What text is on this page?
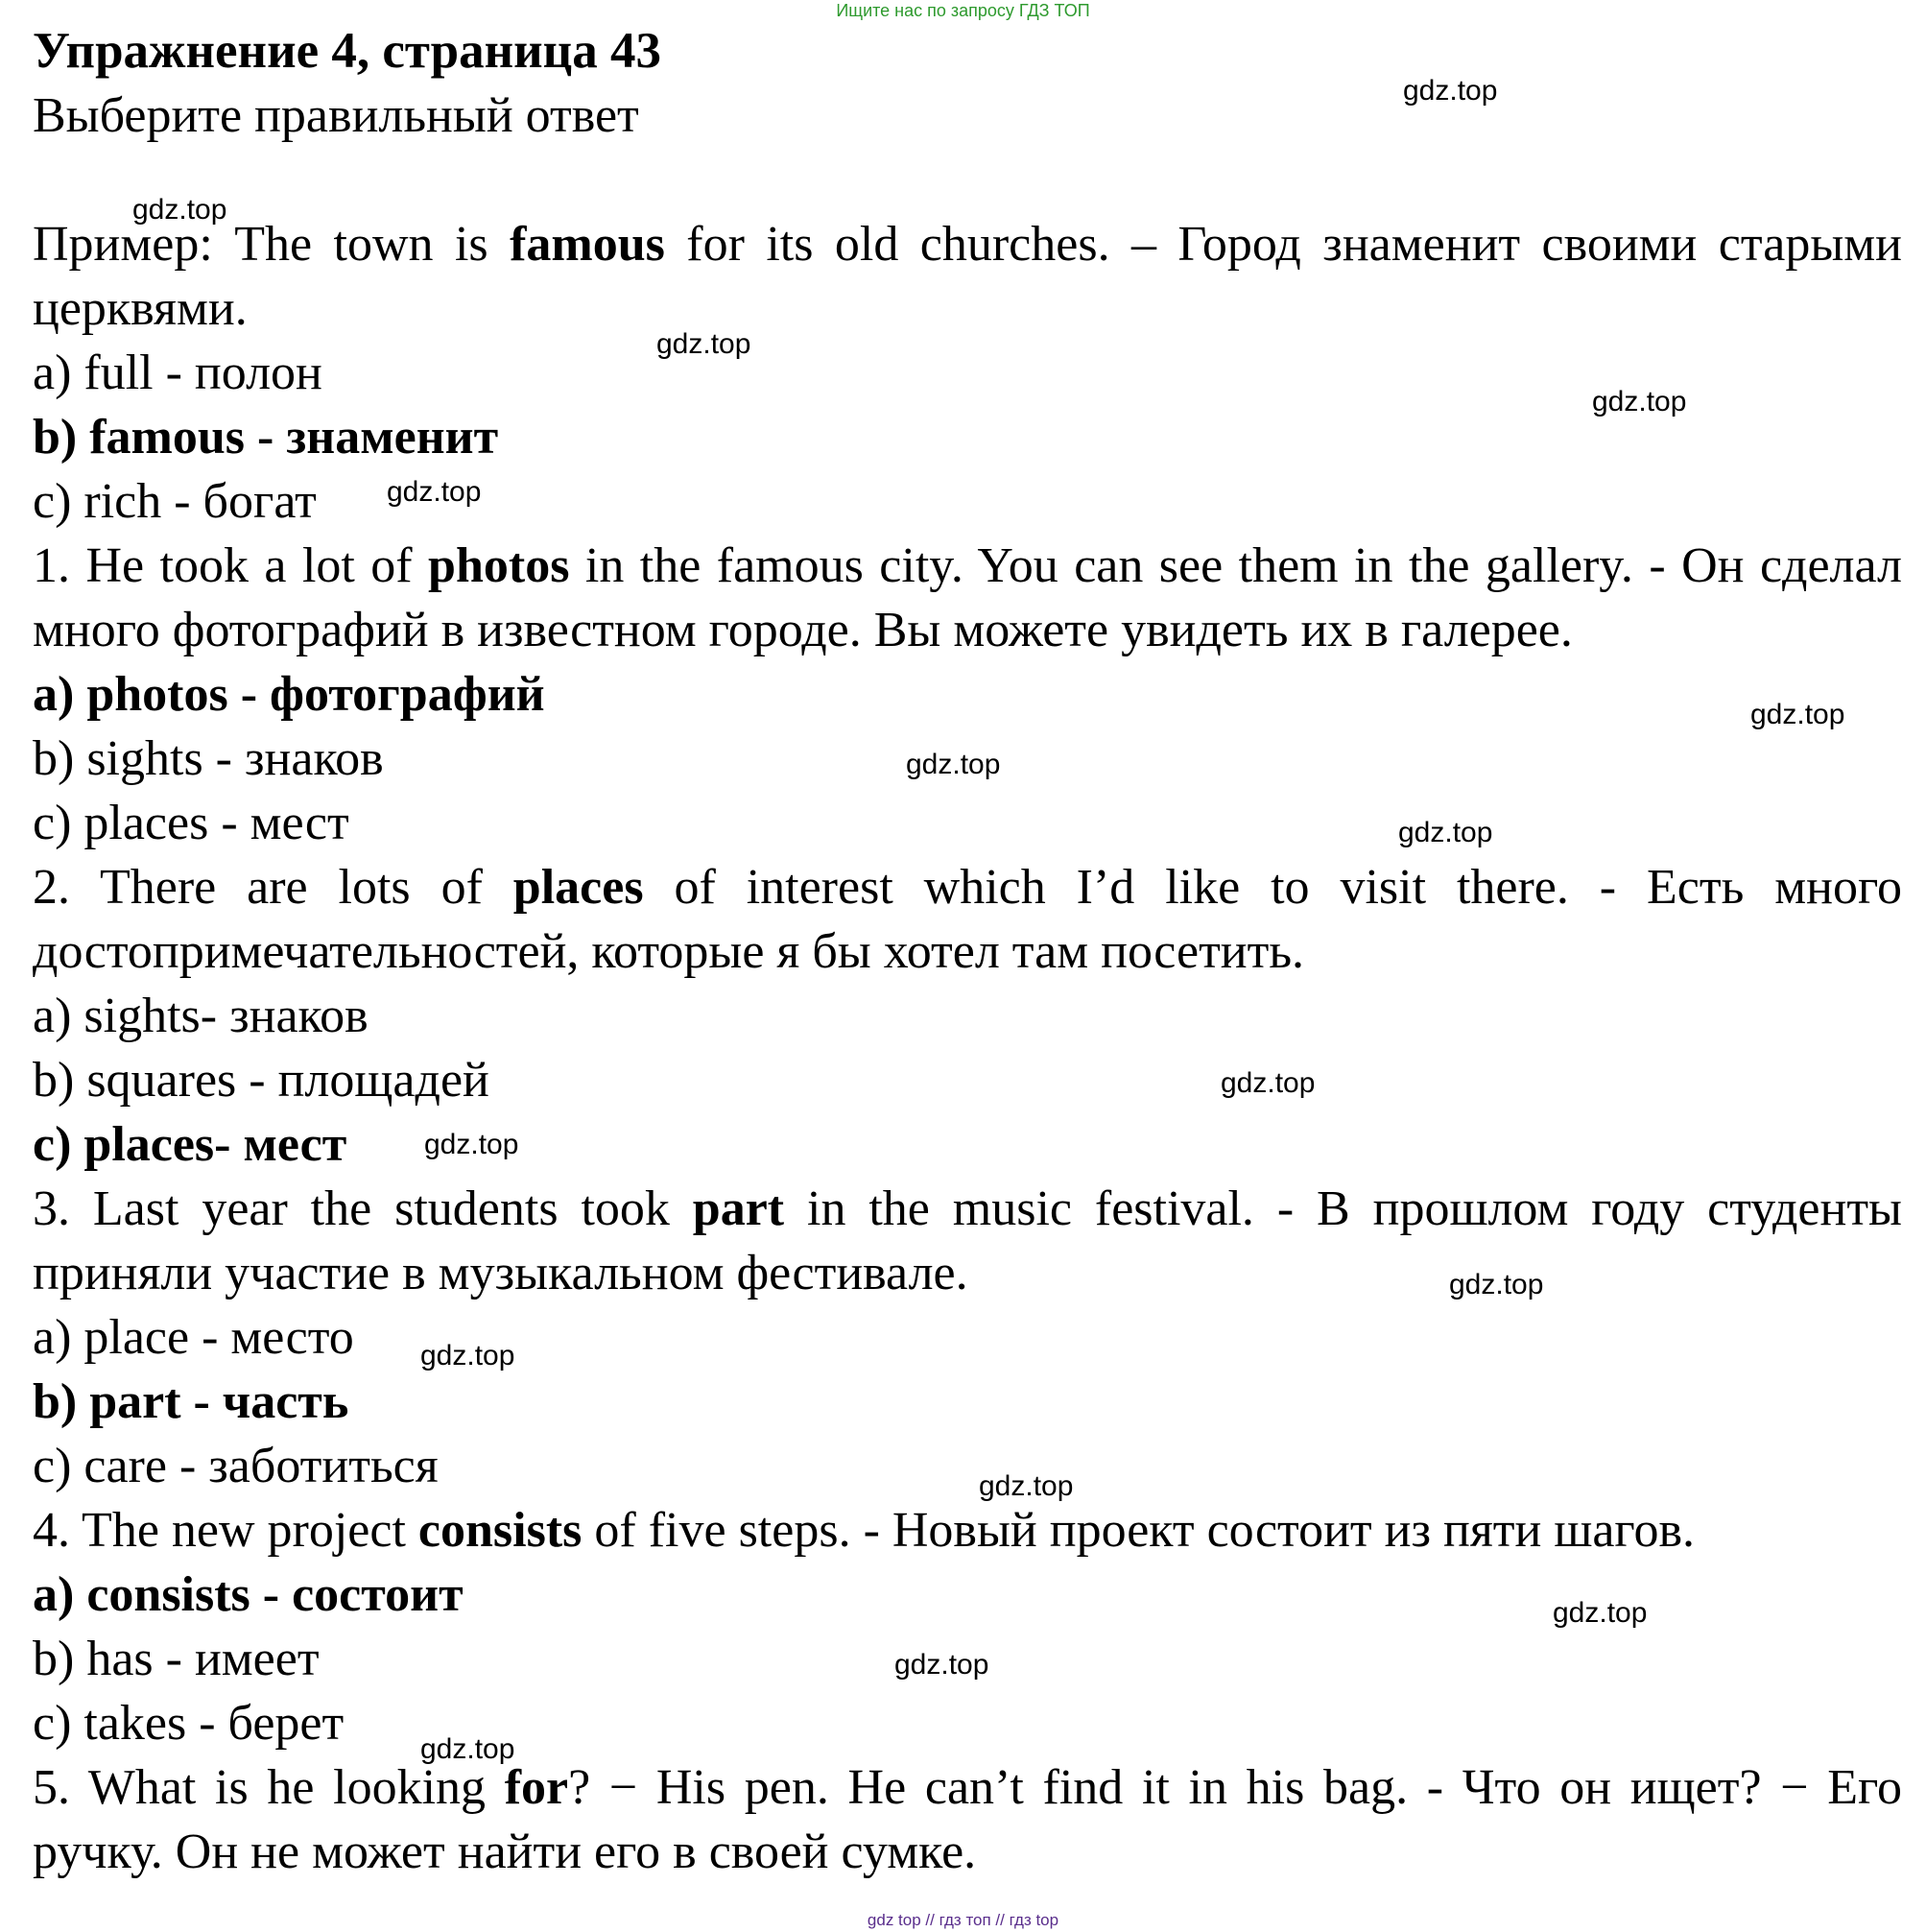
Ищите нас по запросу ГДЗ ТОП
Упражнение 4, страница 43
Выберите правильный ответ
Пример: The town is famous for its old churches. – Город знаменит своими старыми церквями.
a) full - полон
b) famous - знаменит
c) rich - богат
1. He took a lot of photos in the famous city. You can see them in the gallery. - Он сделал много фотографий в известном городе. Вы можете увидеть их в галерее.
a) photos - фотографий
b) sights - знаков
c) places - мест
2. There are lots of places of interest which I’d like to visit there. - Есть много достопримечательностей, которые я бы хотел там посетить.
a) sights- знаков
b) squares - площадей
c) places- мест
3. Last year the students took part in the music festival. - В прошлом году студенты приняли участие в музыкальном фестивале.
a) place - место
b) part - часть
c) care - заботиться
4. The new project consists of five steps. - Новый проект состоит из пяти шагов.
a) consists - состоит
b) has - имеет
c) takes - берет
5. What is he looking for? − His pen. He can’t find it in his bag. - Что он ищет? − Его ручку. Он не может найти его в своей сумке.
gdz.top
gdz.top
gdz.top
gdz.top
gdz.top
gdz.top
gdz.top
gdz.top
gdz.top
gdz.top
gdz.top
gdz.top
gdz.top
gdz.top
gdz.top
gdz.top
gdz top // гдз топ // гдз top
